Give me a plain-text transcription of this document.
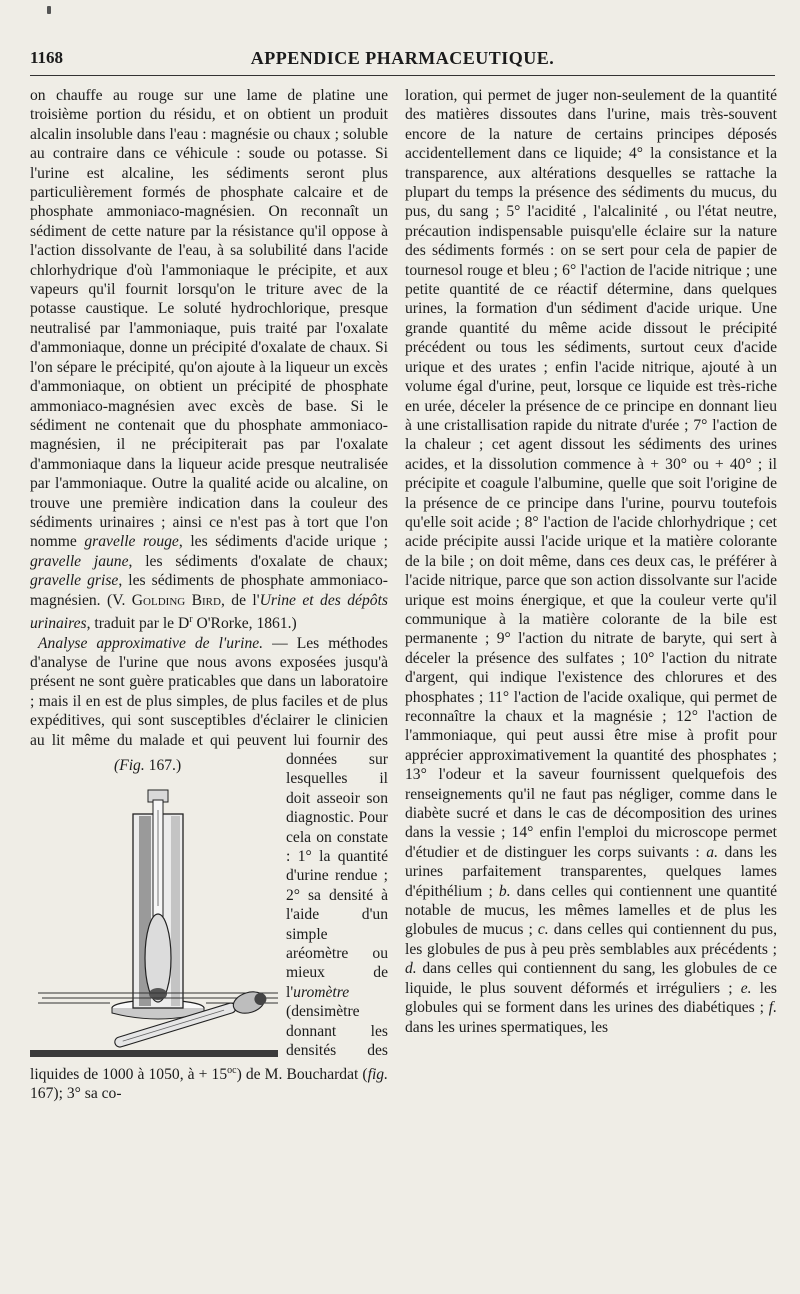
1168	APPENDICE PHARMACEUTIQUE.

on chauffe au rouge sur une lame de platine une troisième portion du résidu, et on obtient un produit alcalin insoluble dans l'eau : magnésie ou chaux ; soluble au contraire dans ce véhicule : soude ou potasse. Si l'urine est alcaline, les sédiments seront plus particulièrement formés de phosphate calcaire et de phosphate ammoniaco-magnésien. On reconnaît un sédiment de cette nature par la résistance qu'il oppose à l'action dissolvante de l'eau, à sa solubilité dans l'acide chlorhydrique d'où l'ammoniaque le précipite, et aux vapeurs qu'il fournit lorsqu'on le triture avec de la potasse caustique. Le soluté hydrochlorique, presque neutralisé par l'ammoniaque, puis traité par l'oxalate d'ammoniaque, donne un précipité d'oxalate de chaux. Si l'on sépare le précipité, qu'on ajoute à la liqueur un excès d'ammoniaque, on obtient un précipité de phosphate ammoniaco-magnésien avec excès de base. Si le sédiment ne contenait que du phosphate ammoniaco-magnésien, il ne précipiterait pas par l'oxalate d'ammoniaque dans la liqueur acide presque neutralisée par l'ammoniaque. Outre la qualité acide ou alcaline, on trouve une première indication dans la couleur des sédiments urinaires ; ainsi ce n'est pas à tort que l'on nomme gravelle rouge, les sédiments d'acide urique ; gravelle jaune, les sédiments d'oxalate de chaux; gravelle grise, les sédiments de phosphate ammoniaco-magnésien. (V. Golding Bird, de l'Urine et des dépôts urinaires, traduit par le $D^r$ O'Rorke, 1861.)

Analyse approximative de l'urine. — Les méthodes d'analyse de l'urine que nous avons exposées jusqu'à présent ne sont guère praticables que dans un laboratoire ; mais il en est de plus simples, de plus faciles et de plus expéditives, qui sont susceptibles d'éclairer le clinicien au lit même du malade et qui peuvent lui fournir
(Fig. 167.)
des données sur lesquelles il doit asseoir son diagnostic. Pour cela on constate : 1° la quantité d'urine rendue ; 2° sa densité à l'aide d'un simple aréomètre ou mieux de l'uromètre (densimètre donnant les densités des liquides de 1000 à 1050, à + $15^{oc}$) de M. Bouchardat (fig. 167); 3° sa co-

loration, qui permet de juger non-seulement de la quantité des matières dissoutes dans l'urine, mais très-souvent encore de la nature de certains principes déposés accidentellement dans ce liquide; 4° la consistance et la transparence, aux altérations desquelles se rattache la plupart du temps la présence des sédiments du mucus, du pus, du sang ; 5° l'acidité , l'alcalinité , ou l'état neutre, précaution indispensable puisqu'elle éclaire sur la nature des sédiments formés : on se sert pour cela de papier de tournesol rouge et bleu ; 6° l'action de l'acide nitrique ; une petite quantité de ce réactif détermine, dans quelques urines, la formation d'un sédiment d'acide urique. Une grande quantité du même acide dissout le précipité précédent ou tous les sédiments, surtout ceux d'acide urique et des urates ; enfin l'acide nitrique, ajouté à un volume égal d'urine, peut, lorsque ce liquide est très-riche en urée, déceler la présence de ce principe en donnant lieu à une cristallisation rapide du nitrate d'urée ; 7° l'action de la chaleur ; cet agent dissout les sédiments des urines acides, et la dissolution commence à + 30° ou + 40° ; il précipite et coagule l'albumine, quelle que soit l'origine de la présence de ce principe dans l'urine, pourvu toutefois qu'elle soit acide ; 8° l'action de l'acide chlorhydrique ; cet acide précipite aussi l'acide urique et la matière colorante de la bile ; on doit même, dans ces deux cas, le préférer à l'acide nitrique, parce que son action dissolvante sur l'acide urique est moins énergique, et que la couleur verte qu'il communique à la matière colorante de la bile est permanente ; 9° l'action du nitrate de baryte, qui sert à déceler la présence des sulfates ; 10° l'action du nitrate d'argent, qui indique l'existence des chlorures et des phosphates ; 11° l'action de l'acide oxalique, qui permet de reconnaître la chaux et la magnésie ; 12° l'action de l'ammoniaque, qui peut aussi être mise à profit pour apprécier approximativement la quantité des phosphates ; 13° l'odeur et la saveur fournissent quelquefois des renseignements qu'il ne faut pas négliger, comme dans le diabète sucré et dans le cas de décomposition des urines dans la vessie ; 14° enfin l'emploi du microscope permet d'étudier et de distinguer les corps suivants : a. dans les urines parfaitement transparentes, quelques lames d'épithélium ; b. dans celles qui contiennent une quantité notable de mucus, les mêmes lamelles et de plus les globules de mucus ; c. dans celles qui contiennent du pus, les globules de pus à peu près semblables aux précédents ; d. dans celles qui contiennent du sang, les globules de ce liquide, le plus souvent déformés et irréguliers ; e. les globules qui se forment dans les urines des diabétiques ; f. dans les urines spermatiques, les
